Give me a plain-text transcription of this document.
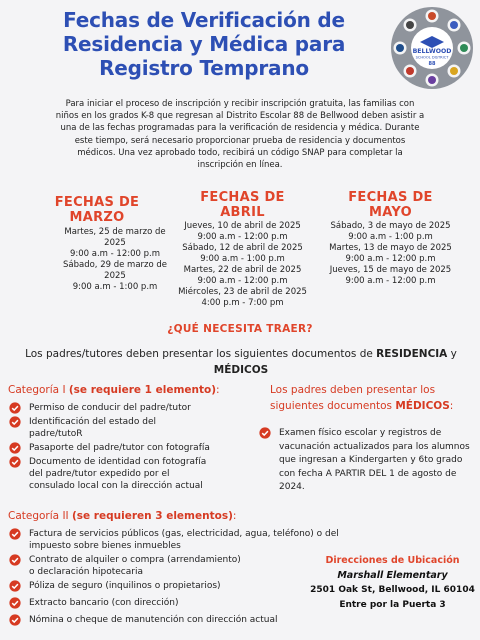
Fechas de Verificación de
Residencia y Médica para
Registro Temprano
BELLWOOD
SCHOOL DISTRICT
88
Para iniciar el proceso de inscripción y recibir inscripción gratuita, las familias con
niños en los grados K-8 que regresan al Distrito Escolar 88 de Bellwood deben asistir a
una de las fechas programadas para la verificación de residencia y médica. Durante
este tiempo, será necesario proporcionar prueba de residencia y documentos
médicos. Una vez aprobado todo, recibirá un código SNAP para completar la
inscripción en línea.
FECHAS DE
MARZO
Martes, 25 de marzo de 2025
9:00 a.m - 12:00 p.m
Sábado, 29 de marzo de 2025
9:00 a.m - 1:00 p.m
FECHAS DE
ABRIL
Jueves, 10 de abril de 2025
9:00 a.m - 12:00 p.m
Sábado, 12 de abril de 2025
9:00 a.m - 1:00 p.m
Martes, 22 de abril de 2025
9:00 a.m - 12:00 p.m
Miércoles, 23 de abril de 2025
4:00 p.m - 7:00 pm
FECHAS DE
MAYO
Sábado, 3 de mayo de 2025
9:00 a.m - 1:00 p.m
Martes, 13 de mayo de 2025
9:00 a.m - 12:00 p.m
Jueves, 15 de mayo de 2025
9:00 a.m - 12:00 p.m
¿QUÉ NECESITA TRAER?
Los padres/tutores deben presentar los siguientes documentos de RESIDENCIA y
MÉDICOS
Categoría I (se requiere 1 elemento):
Permiso de conducir del padre/tutor
Identificación del estado del
padre/tutoR
Pasaporte del padre/tutor con fotografía
Documento de identidad con fotografía
del padre/tutor expedido por el
consulado local con la dirección actual
Categoría II (se requieren 3 elementos):
Factura de servicios públicos (gas, electricidad, agua, teléfono) o del
impuesto sobre bienes inmuebles
Contrato de alquiler o compra (arrendamiento)
o declaración hipotecaria
Póliza de seguro (inquilinos o propietarios)
Extracto bancario (con dirección)
Nómina o cheque de manutención con dirección actual
Los padres deben presentar los
siguientes documentos MÉDICOS:
Examen físico escolar y registros de
vacunación actualizados para los alumnos
que ingresan a Kindergarten y 6to grado
con fecha A PARTIR DEL 1 de agosto de
2024.
Direcciones de Ubicación
Marshall Elementary
2501 Oak St, Bellwood, IL 60104
Entre por la Puerta 3
